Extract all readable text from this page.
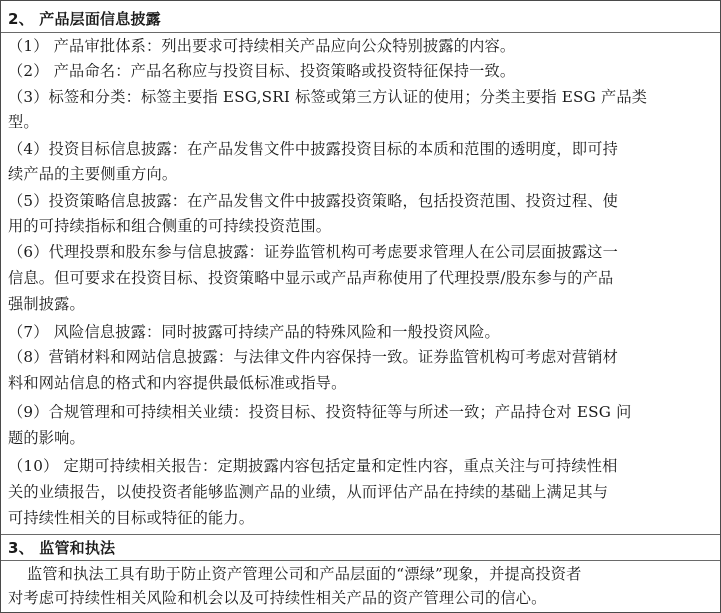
2、 产品层面信息披露
（1） 产品审批体系：列出要求可持续相关产品应向公众特别披露的内容。
（2） 产品命名：产品名称应与投资目标、投资策略或投资特征保持一致。
（3）标签和分类：标签主要指 ESG,SRI 标签或第三方认证的使用；分类主要指 ESG 产品类
型。
（4）投资目标信息披露：在产品发售文件中披露投资目标的本质和范围的透明度，即可持
续产品的主要侧重方向。
（5）投资策略信息披露：在产品发售文件中披露投资策略，包括投资范围、投资过程、使
用的可持续指标和组合侧重的可持续投资范围。
（6）代理投票和股东参与信息披露：证券监管机构可考虑要求管理人在公司层面披露这一
信息。但可要求在投资目标、投资策略中显示或产品声称使用了代理投票/股东参与的产品
强制披露。
（7） 风险信息披露：同时披露可持续产品的特殊风险和一般投资风险。
（8）营销材料和网站信息披露：与法律文件内容保持一致。证券监管机构可考虑对营销材
料和网站信息的格式和内容提供最低标准或指导。
（9）合规管理和可持续相关业绩：投资目标、投资特征等与所述一致；产品持仓对 ESG 问
题的影响。
（10） 定期可持续相关报告：定期披露内容包括定量和定性内容，重点关注与可持续性相
关的业绩报告，以使投资者能够监测产品的业绩，从而评估产品在持续的基础上满足其与
可持续性相关的目标或特征的能力。
3、 监管和执法
监管和执法工具有助于防止资产管理公司和产品层面的“漂绿”现象，并提高投资者
对考虑可持续性相关风险和机会以及可持续性相关产品的资产管理公司的信心。
